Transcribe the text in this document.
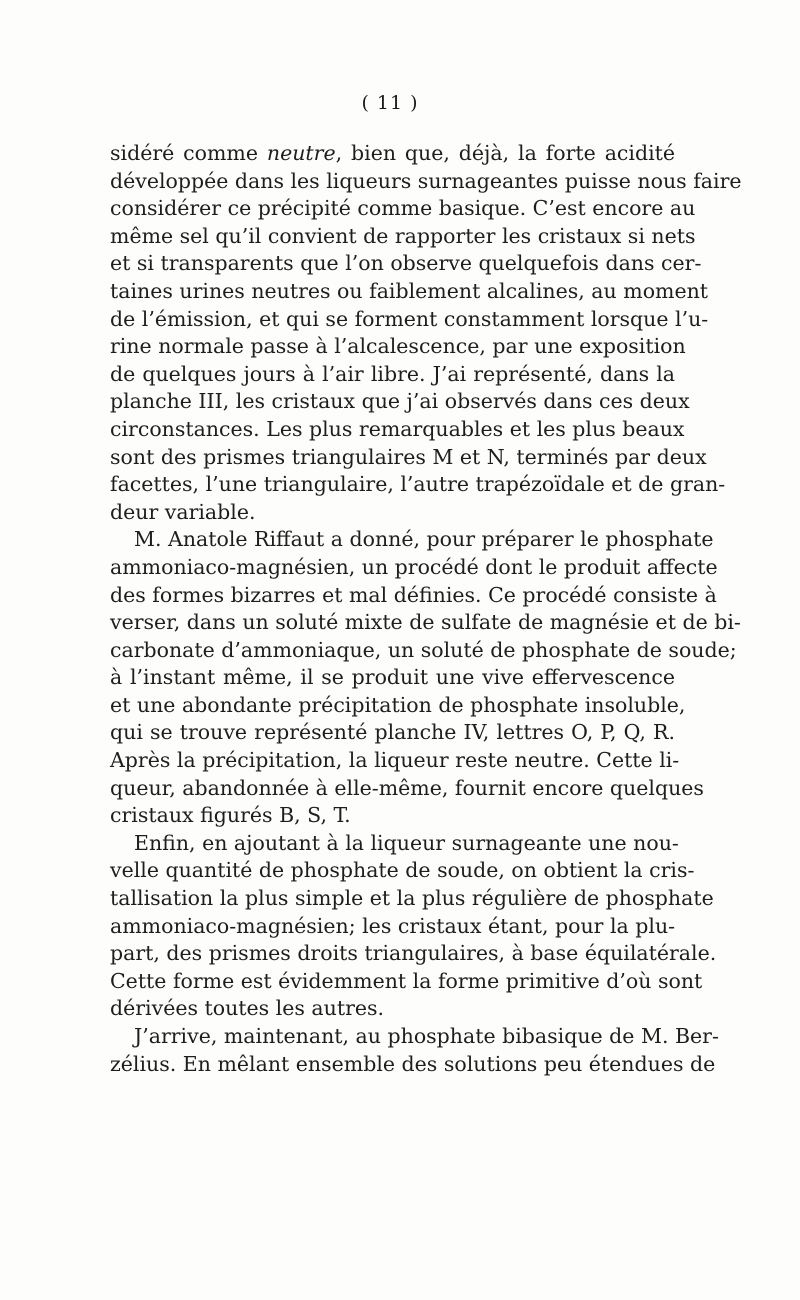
( 11 )
sidéré comme neutre, bien que, déjà, la forte acidité
développée dans les liqueurs surnageantes puisse nous faire
considérer ce précipité comme basique. C’est encore au
même sel qu’il convient de rapporter les cristaux si nets
et si transparents que l’on observe quelquefois dans cer-
taines urines neutres ou faiblement alcalines, au moment
de l’émission, et qui se forment constamment lorsque l’u-
rine normale passe à l’alcalescence, par une exposition
de quelques jours à l’air libre. J’ai représenté, dans la
planche III, les cristaux que j’ai observés dans ces deux
circonstances. Les plus remarquables et les plus beaux
sont des prismes triangulaires M et N, terminés par deux
facettes, l’une triangulaire, l’autre trapézoïdale et de gran-
deur variable.
M. Anatole Riffaut a donné, pour préparer le phosphate
ammoniaco-magnésien, un procédé dont le produit affecte
des formes bizarres et mal définies. Ce procédé consiste à
verser, dans un soluté mixte de sulfate de magnésie et de bi-
carbonate d’ammoniaque, un soluté de phosphate de soude;
à l’instant même, il se produit une vive effervescence
et une abondante précipitation de phosphate insoluble,
qui se trouve représenté planche IV, lettres O, P, Q, R.
Après la précipitation, la liqueur reste neutre. Cette li-
queur, abandonnée à elle-même, fournit encore quelques
cristaux figurés B, S, T.
Enfin, en ajoutant à la liqueur surnageante une nou-
velle quantité de phosphate de soude, on obtient la cris-
tallisation la plus simple et la plus régulière de phosphate
ammoniaco-magnésien; les cristaux étant, pour la plu-
part, des prismes droits triangulaires, à base équilatérale.
Cette forme est évidemment la forme primitive d’où sont
dérivées toutes les autres.
J’arrive, maintenant, au phosphate bibasique de M. Ber-
zélius. En mêlant ensemble des solutions peu étendues de
